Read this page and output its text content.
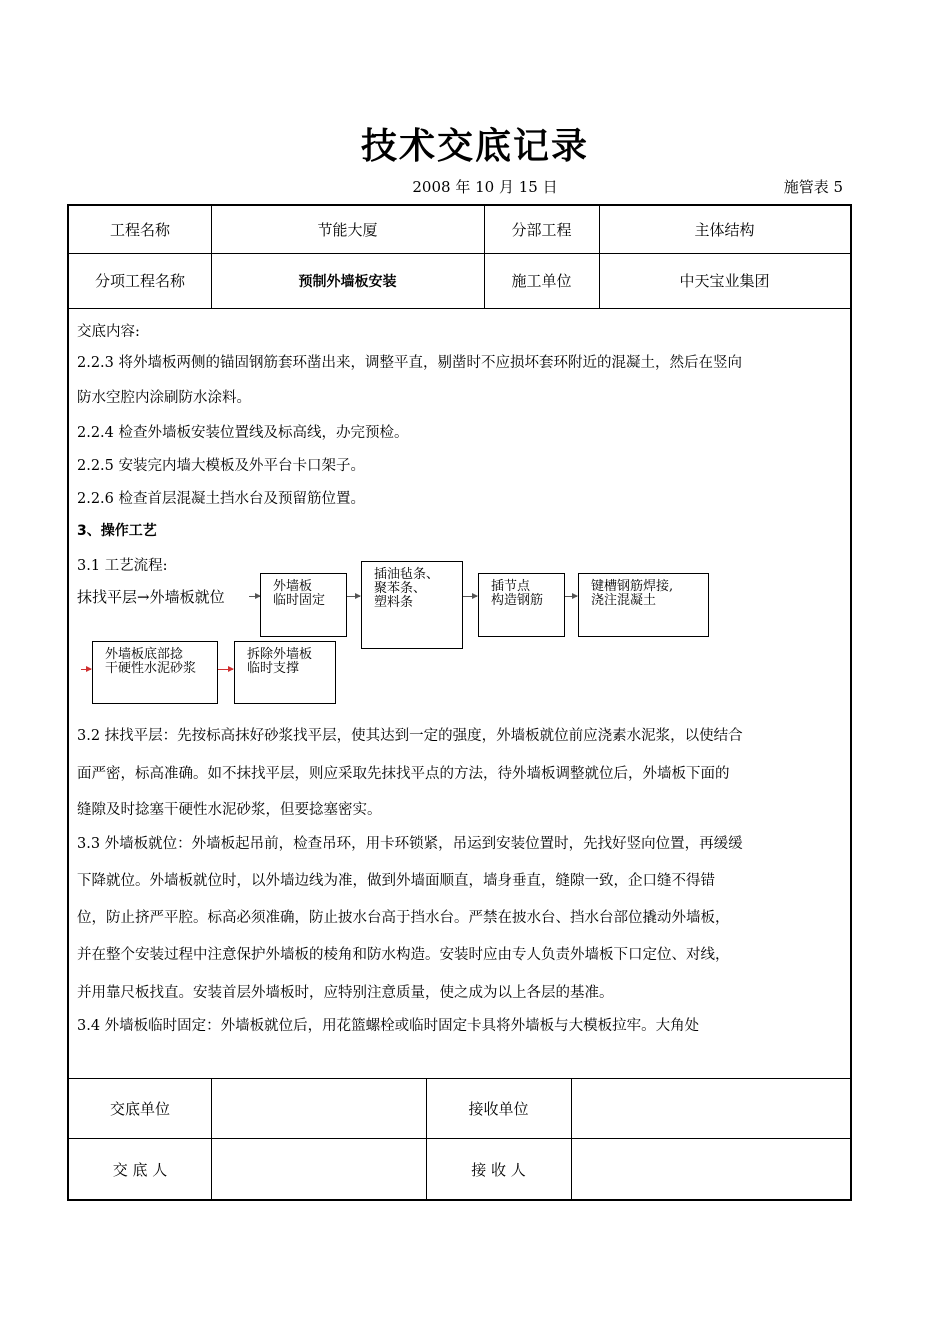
技术交底记录
2008 年 10 月 15 日	施管表 5
工程名称	节能大厦	分部工程	主体结构
分项工程名称	预制外墙板安装	施工单位	中天宝业集团
交底内容:
2.2.3 将外墙板两侧的锚固钢筋套环凿出来，调整平直，剔凿时不应损坏套环附近的混凝土，然后在竖向
防水空腔内涂刷防水涂料。
2.2.4 检查外墙板安装位置线及标高线，办完预检。
2.2.5 安装完内墙大模板及外平台卡口架子。
2.2.6 检查首层混凝土挡水台及预留筋位置。
3、操作工艺
3.1 工艺流程:
抹找平层→外墙板就位
外墙板
临时固定
插油毡条、
聚苯条、
塑料条
插节点
构造钢筋
键槽钢筋焊接,
浇注混凝土
外墙板底部捻
干硬性水泥砂浆
拆除外墙板
临时支撑
3.2 抹找平层：先按标高抹好砂浆找平层，使其达到一定的强度，外墙板就位前应浇素水泥浆，以使结合
面严密，标高准确。如不抹找平层，则应采取先抹找平点的方法，待外墙板调整就位后，外墙板下面的
缝隙及时捻塞干硬性水泥砂浆，但要捻塞密实。
3.3 外墙板就位：外墙板起吊前，检查吊环，用卡环锁紧，吊运到安装位置时，先找好竖向位置，再缓缓
下降就位。外墙板就位时，以外墙边线为准，做到外墙面顺直，墙身垂直，缝隙一致，企口缝不得错
位，防止挤严平腔。标高必须准确，防止披水台高于挡水台。严禁在披水台、挡水台部位撬动外墙板，
并在整个安装过程中注意保护外墙板的棱角和防水构造。安装时应由专人负责外墙板下口定位、对线，
并用靠尺板找直。安装首层外墙板时，应特别注意质量，使之成为以上各层的基准。
3.4 外墙板临时固定：外墙板就位后，用花篮螺栓或临时固定卡具将外墙板与大模板拉牢。大角处
交底单位	接收单位
交 底 人	接 收 人
